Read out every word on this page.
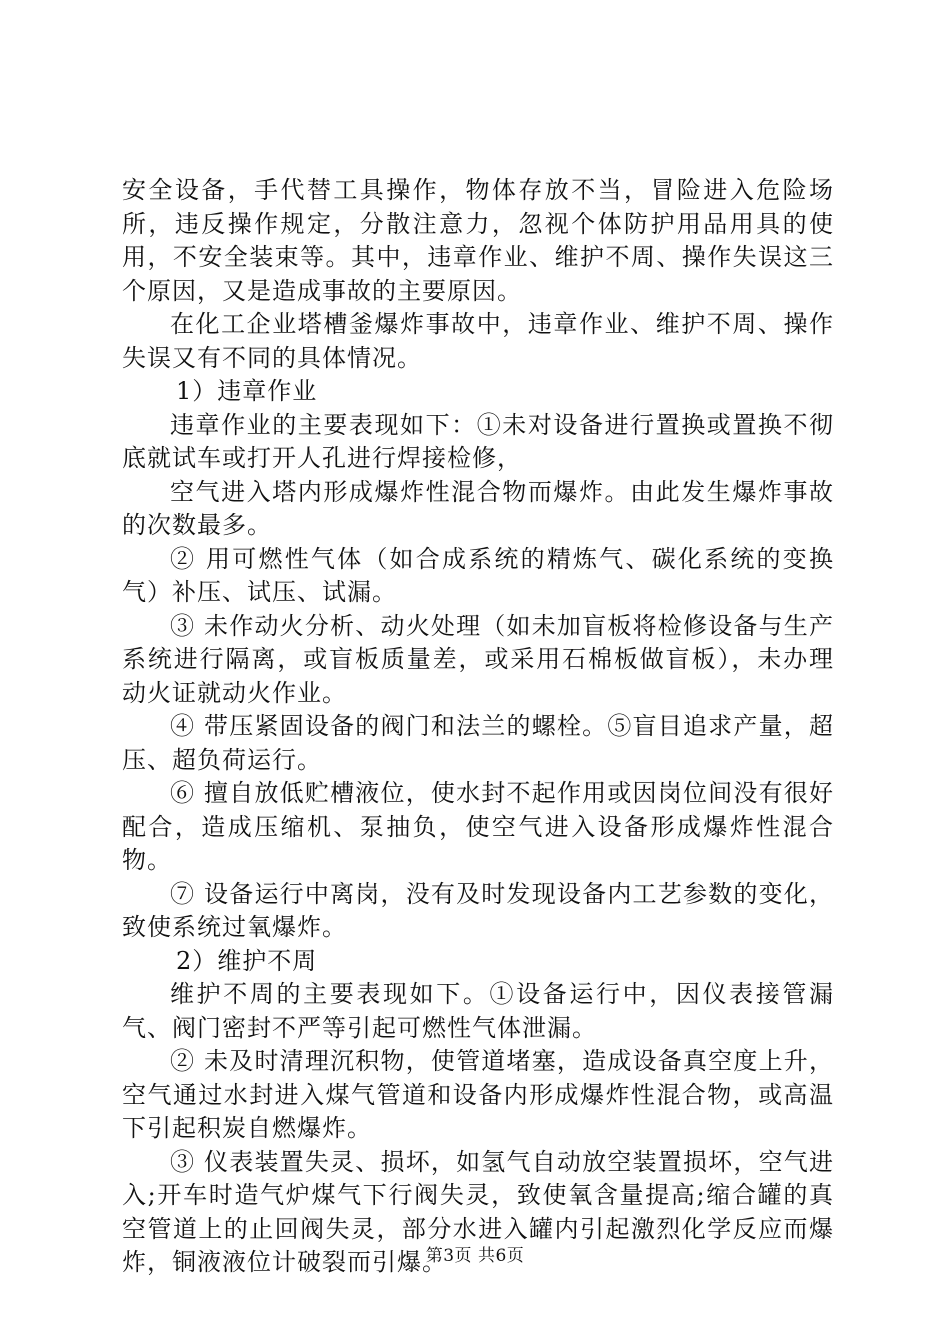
安全设备，手代替工具操作，物体存放不当，冒险进入危险场所，违反操作规定，分散注意力，忽视个体防护用品用具的使用，不安全装束等。其中，违章作业、维护不周、操作失误这三个原因，又是造成事故的主要原因。

在化工企业塔槽釜爆炸事故中，违章作业、维护不周、操作失误又有不同的具体情况。

1）违章作业

违章作业的主要表现如下：①未对设备进行置换或置换不彻底就试车或打开人孔进行焊接检修，

空气进入塔内形成爆炸性混合物而爆炸。由此发生爆炸事故的次数最多。

② 用可燃性气体（如合成系统的精炼气、碳化系统的变换气）补压、试压、试漏。

③ 未作动火分析、动火处理（如未加盲板将检修设备与生产系统进行隔离，或盲板质量差，或采用石棉板做盲板），未办理动火证就动火作业。

④ 带压紧固设备的阀门和法兰的螺栓。⑤盲目追求产量，超压、超负荷运行。

⑥ 擅自放低贮槽液位，使水封不起作用或因岗位间没有很好配合，造成压缩机、泵抽负，使空气进入设备形成爆炸性混合物。

⑦ 设备运行中离岗，没有及时发现设备内工艺参数的变化，致使系统过氧爆炸。

2）维护不周

维护不周的主要表现如下。①设备运行中，因仪表接管漏气、阀门密封不严等引起可燃性气体泄漏。

② 未及时清理沉积物，使管道堵塞，造成设备真空度上升，空气通过水封进入煤气管道和设备内形成爆炸性混合物，或高温下引起积炭自燃爆炸。

③ 仪表装置失灵、损坏，如氢气自动放空装置损坏，空气进入;开车时造气炉煤气下行阀失灵，致使氧含量提高;缩合罐的真空管道上的止回阀失灵，部分水进入罐内引起激烈化学反应而爆炸，铜液液位计破裂而引爆。

第3页 共6页
